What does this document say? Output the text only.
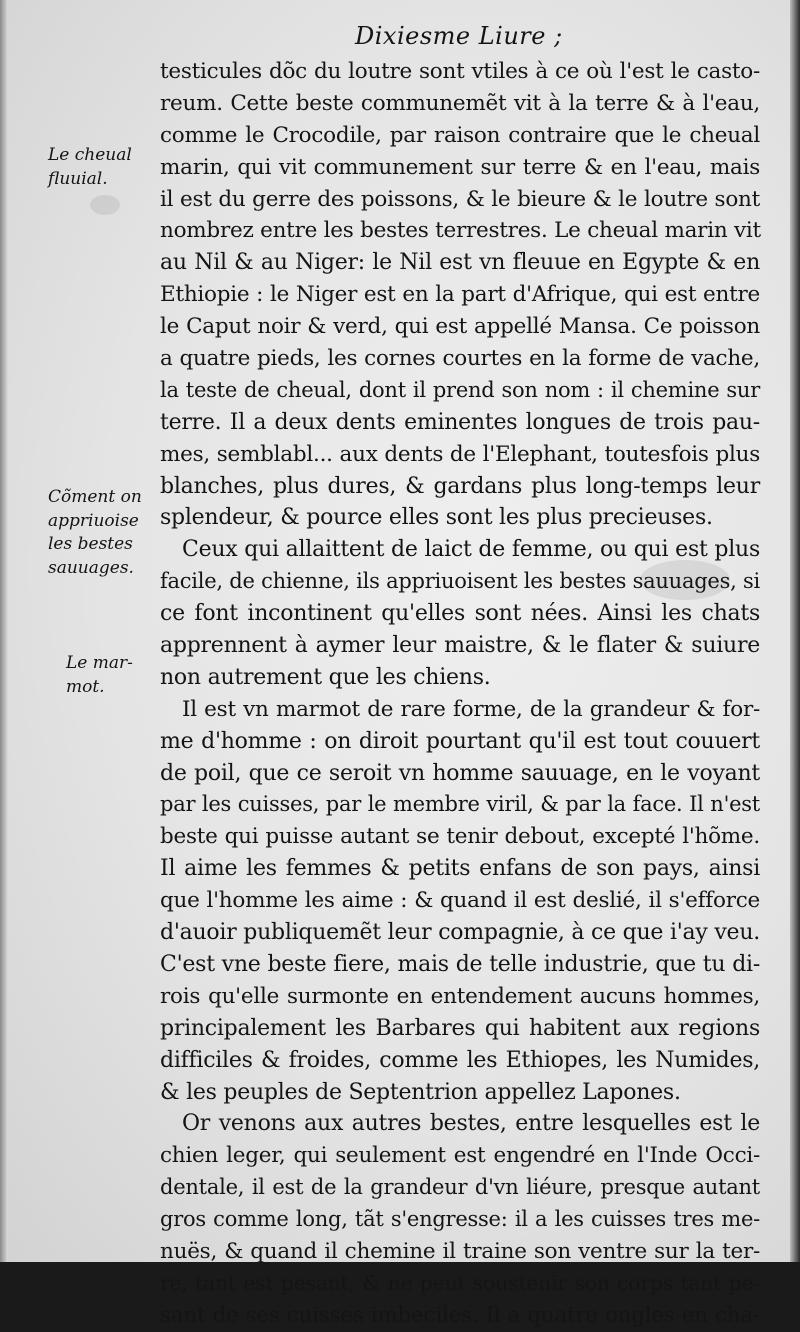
Dixiesme Liure ;
Le cheual
fluuial.
Cõment on
appriuoise
les bestes
sauuages.
Le mar-
mot.
testicules dõc du loutre sont vtiles à ce où l'est le casto-
reum. Cette beste communemẽt vit à la terre & à l'eau,
comme le Crocodile, par raison contraire que le cheual
marin, qui vit communement sur terre & en l'eau, mais
il est du gerre des poissons, & le bieure & le loutre sont
nombrez entre les bestes terrestres. Le cheual marin vit
au Nil & au Niger: le Nil est vn fleuue en Egypte & en
Ethiopie : le Niger est en la part d'Afrique, qui est entre
le Caput noir & verd, qui est appellé Mansa. Ce poisson
a quatre pieds, les cornes courtes en la forme de vache,
la teste de cheual, dont il prend son nom : il chemine sur
terre. Il a deux dents eminentes longues de trois pau-
mes, semblabl... aux dents de l'Elephant, toutesfois plus
blanches, plus dures, & gardans plus long-temps leur
splendeur, & pource elles sont les plus precieuses.
Ceux qui allaittent de laict de femme, ou qui est plus
facile, de chienne, ils appriuoisent les bestes sauuages, si
ce font incontinent qu'elles sont nées. Ainsi les chats
apprennent à aymer leur maistre, & le flater & suiure
non autrement que les chiens.
Il est vn marmot de rare forme, de la grandeur & for-
me d'homme : on diroit pourtant qu'il est tout couuert
de poil, que ce seroit vn homme sauuage, en le voyant
par les cuisses, par le membre viril, & par la face. Il n'est
beste qui puisse autant se tenir debout, excepté l'hõme.
Il aime les femmes & petits enfans de son pays, ainsi
que l'homme les aime : & quand il est deslié, il s'efforce
d'auoir publiquemẽt leur compagnie, à ce que i'ay veu.
C'est vne beste fiere, mais de telle industrie, que tu di-
rois qu'elle surmonte en entendement aucuns hommes,
principalement les Barbares qui habitent aux regions
difficiles & froides, comme les Ethiopes, les Numides,
& les peuples de Septentrion appellez Lapones.
Or venons aux autres bestes, entre lesquelles est le
chien leger, qui seulement est engendré en l'Inde Occi-
dentale, il est de la grandeur d'vn liéure, presque autant
gros comme long, tãt s'engresse: il a les cuisses tres me-
nuës, & quand il chemine il traine son ventre sur la ter-
re, tant est pesant, & ne peut soustenir son corps tant pe-
sant de ses cuisses imbeciles. Il a quatre ongles en cha-
